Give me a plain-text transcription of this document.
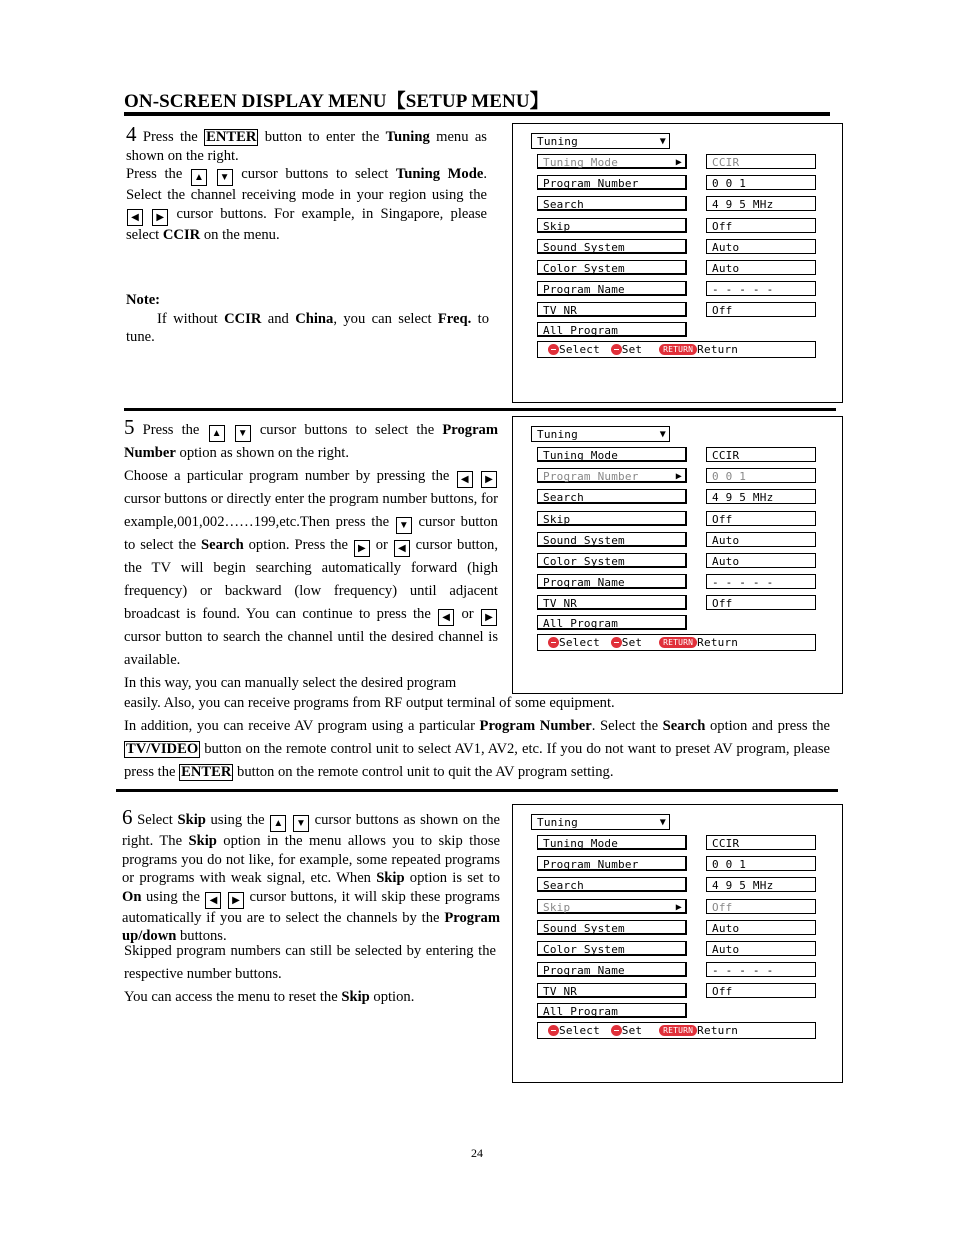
ON-SCREEN DISPLAY MENU【SETUP MENU】

4 Press the ENTER button to enter the Tuning menu as shown on the right.

Press the ▲ ▼ cursor buttons to select Tuning Mode. Select the channel receiving mode in your region using the ◀ ▶ cursor buttons. For example, in Singapore, please select CCIR on the menu.

Note:

If without CCIR and China, you can select Freq. to tune.

5 Press the ▲ ▼ cursor buttons to select the Program Number option as shown on the right.

Choose a particular program number by pressing the ◀ ▶ cursor buttons or directly enter the program number buttons, for example,001,002……199,etc.Then press the ▼ cursor button to select the Search option. Press the ▶ or ◀ cursor button, the TV will begin searching automatically forward (high frequency) or backward (low frequency) until adjacent broadcast is found. You can continue to press the ◀ or ▶ cursor button to search the channel until the desired channel is available.

In this way, you can manually select the desired program

easily. Also, you can receive programs from RF output terminal of some equipment.

In addition, you can receive AV program using a particular Program Number. Select the Search option and press the TV/VIDEO button on the remote control unit to select AV1, AV2, etc. If you do not want to preset AV program, please press the ENTER button on the remote control unit to quit the AV program setting.

6 Select Skip using the ▲ ▼ cursor buttons as shown on the right. The Skip option in the menu allows you to skip those programs you do not like, for example, some repeated programs or programs with weak signal, etc. When Skip option is set to On using the ◀ ▶ cursor buttons, it will skip these programs automatically if you are to select the channels by the Program up/down buttons.

Skipped program numbers can still be selected by entering the respective number buttons.

You can access the menu to reset the Skip option.

Tuning	▼
Tuning Mode	▶	CCIR
Program Number	0 0 1
Search	4 9 5 MHz
Skip	Off
Sound System	Auto
Color System	Auto
Program Name	- - - - -
TV NR	Off
All Program
Select Set	RETURN Return
Tuning	▼
Tuning Mode	CCIR
Program Number	▶	0 0 1
Search	4 9 5 MHz
Skip	Off
Sound System	Auto
Color System	Auto
Program Name	- - - - -
TV NR	Off
All Program
Select Set	RETURN Return
Tuning	▼
Tuning Mode	CCIR
Program Number	0 0 1
Search	4 9 5 MHz
Skip	▶	Off
Sound System	Auto
Color System	Auto
Program Name	- - - - -
TV NR	Off
All Program
Select Set	RETURN Return
24
